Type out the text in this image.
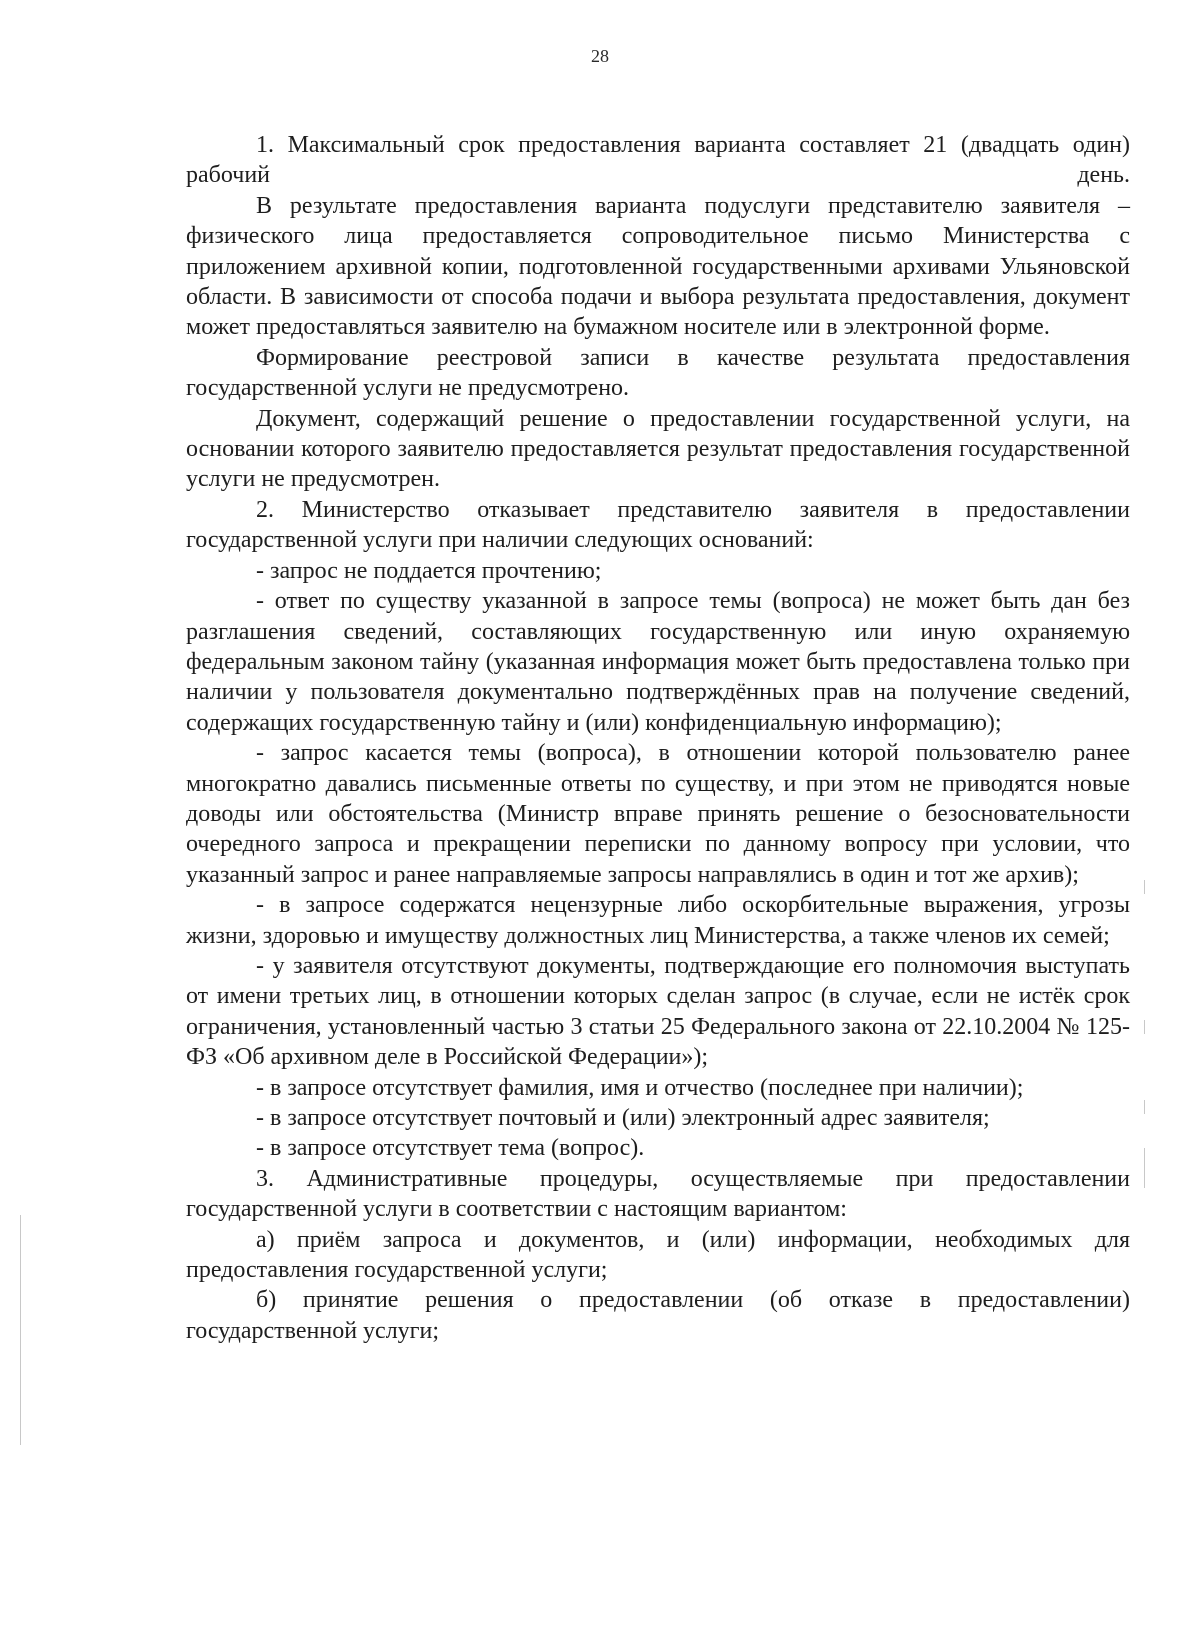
28

1. Максимальный срок предоставления варианта составляет 21 (двадцать один) рабочий день.

В результате предоставления варианта подуслуги представителю заявителя – физического лица предоставляется сопроводительное письмо Министерства с приложением архивной копии, подготовленной государственными архивами Ульяновской области. В зависимости от способа подачи и выбора результата предоставления, документ может предоставляться заявителю на бумажном носителе или в электронной форме.

Формирование реестровой записи в качестве результата предоставления государственной услуги не предусмотрено.

Документ, содержащий решение о предоставлении государственной услуги, на основании которого заявителю предоставляется результат предоставления государственной услуги не предусмотрен.

2. Министерство отказывает представителю заявителя в предоставлении государственной услуги при наличии следующих оснований:

- запрос не поддается прочтению;

- ответ по существу указанной в запросе темы (вопроса) не может быть дан без разглашения сведений, составляющих государственную или иную охраняемую федеральным законом тайну (указанная информация может быть предоставлена только при наличии у пользователя документально подтверждённых прав на получение сведений, содержащих государственную тайну и (или) конфиденциальную информацию);

- запрос касается темы (вопроса), в отношении которой пользователю ранее многократно давались письменные ответы по существу, и при этом не приводятся новые доводы или обстоятельства (Министр вправе принять решение о безосновательности очередного запроса и прекращении переписки по данному вопросу при условии, что указанный запрос и ранее направляемые запросы направлялись в один и тот же архив);

- в запросе содержатся нецензурные либо оскорбительные выражения, угрозы жизни, здоровью и имуществу должностных лиц Министерства, а также членов их семей;

- у заявителя отсутствуют документы, подтверждающие его полномочия выступать от имени третьих лиц, в отношении которых сделан запрос (в случае, если не истёк срок ограничения, установленный частью 3 статьи 25 Федерального закона от 22.10.2004 № 125-ФЗ «Об архивном деле в Российской Федерации»);

- в запросе отсутствует фамилия, имя и отчество (последнее при наличии);

- в запросе отсутствует почтовый и (или) электронный адрес заявителя;

- в запросе отсутствует тема (вопрос).

3. Административные процедуры, осуществляемые при предоставлении государственной услуги в соответствии с настоящим вариантом:

а) приём запроса и документов, и (или) информации, необходимых для предоставления государственной услуги;

б) принятие решения о предоставлении (об отказе в предоставлении) государственной услуги;
